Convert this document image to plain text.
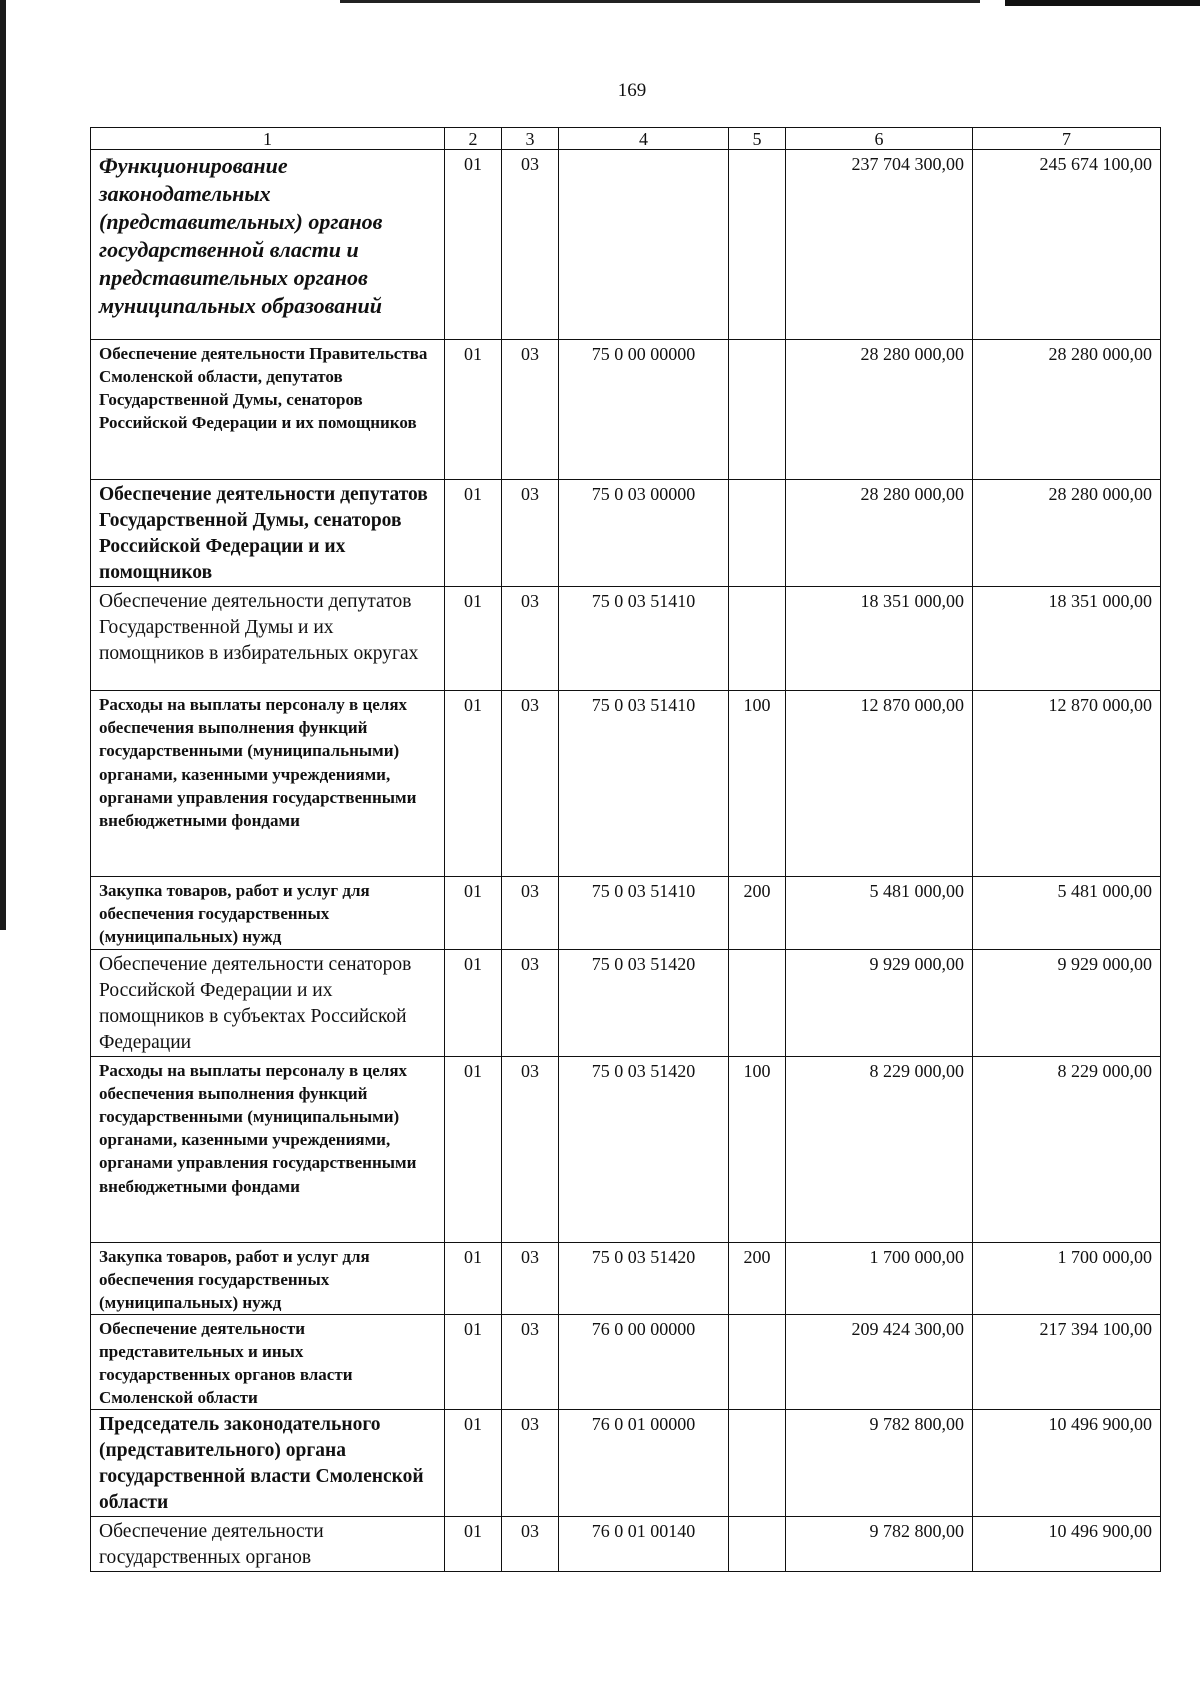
169
1	2	3	4	5	6	7
Функционирование законодательных (представительных) органов государственной власти и представительных органов муниципальных образований	01	03			237 704 300,00	245 674 100,00
Обеспечение деятельности Правительства Смоленской области, депутатов Государственной Думы, сенаторов Российской Федерации и их помощников	01	03	75 0 00 00000		28 280 000,00	28 280 000,00
Обеспечение деятельности депутатов Государственной Думы, сенаторов Российской Федерации и их помощников	01	03	75 0 03 00000		28 280 000,00	28 280 000,00
Обеспечение деятельности депутатов Государственной Думы и их помощников в избирательных округах	01	03	75 0 03 51410		18 351 000,00	18 351 000,00
Расходы на выплаты персоналу в целях обеспечения выполнения функций государственными (муниципальными) органами, казенными учреждениями, органами управления государственными внебюджетными фондами	01	03	75 0 03 51410	100	12 870 000,00	12 870 000,00
Закупка товаров, работ и услуг для обеспечения государственных (муниципальных) нужд	01	03	75 0 03 51410	200	5 481 000,00	5 481 000,00
Обеспечение деятельности сенаторов Российской Федерации и их помощников в субъектах Российской Федерации	01	03	75 0 03 51420		9 929 000,00	9 929 000,00
Расходы на выплаты персоналу в целях обеспечения выполнения функций государственными (муниципальными) органами, казенными учреждениями, органами управления государственными внебюджетными фондами	01	03	75 0 03 51420	100	8 229 000,00	8 229 000,00
Закупка товаров, работ и услуг для обеспечения государственных (муниципальных) нужд	01	03	75 0 03 51420	200	1 700 000,00	1 700 000,00
Обеспечение деятельности представительных и иных государственных органов власти Смоленской области	01	03	76 0 00 00000		209 424 300,00	217 394 100,00
Председатель законодательного (представительного) органа государственной власти Смоленской области	01	03	76 0 01 00000		9 782 800,00	10 496 900,00
Обеспечение деятельности государственных органов	01	03	76 0 01 00140		9 782 800,00	10 496 900,00
